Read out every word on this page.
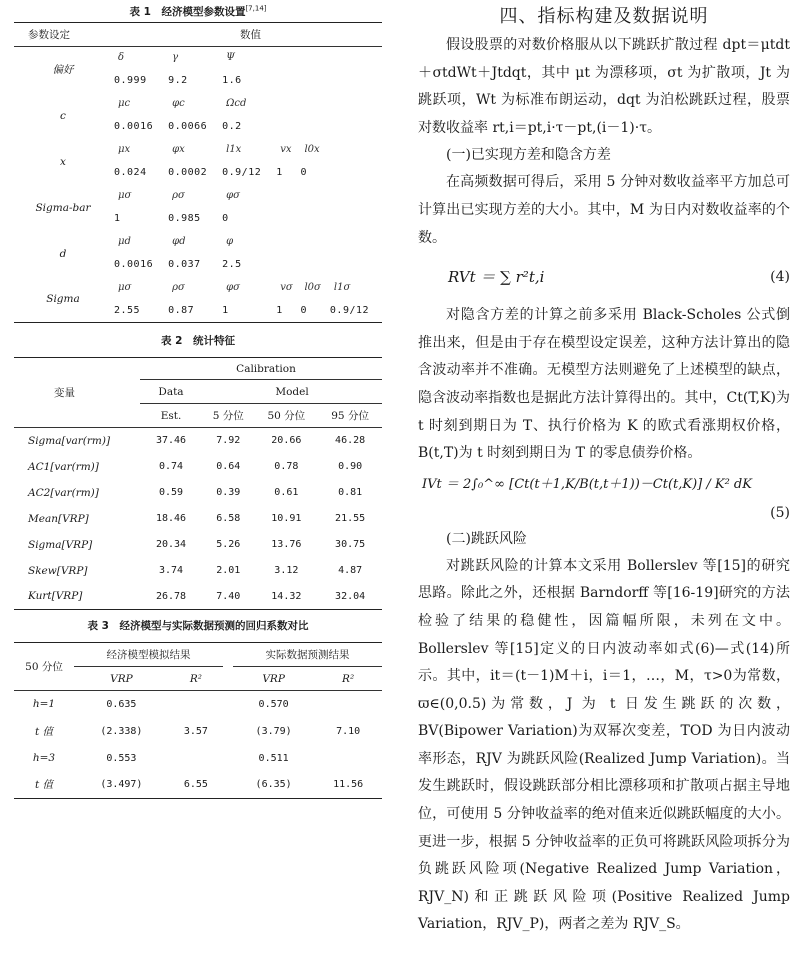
表 1　经济模型参数设置[7,14]
参数设定	数值					
偏好	δ	γ	Ψ			
	0.999	9.2	1.6			
c	μc	φc	Ωcd			
	0.0016	0.0066	0.2			
x	μx	φx	l1x	vx	l0x	
	0.024	0.0002	0.9/12	1	0	
Sigma-bar	μσ	ρσ	φσ			
	1	0.985	0			
d	μd	φd	φ			
	0.0016	0.037	2.5			
Sigma	μσ	ρσ	φσ	vσ	l0σ	l1σ
	2.55	0.87	1	1	0	0.9/12
表 2　统计特征
变量	Calibration			
	Data	Model		
	Est.	5 分位	50 分位	95 分位
Sigma[var(rm)]	37.46	7.92	20.66	46.28
AC1[var(rm)]	0.74	0.64	0.78	0.90
AC2[var(rm)]	0.59	0.39	0.61	0.81
Mean[VRP]	18.46	6.58	10.91	21.55
Sigma[VRP]	20.34	5.26	13.76	30.75
Skew[VRP]	3.74	2.01	3.12	4.87
Kurt[VRP]	26.78	7.40	14.32	32.04
表 3　经济模型与实际数据预测的回归系数对比
50 分位	经济模型模拟结果			实际数据预测结果	
	VRP	R²		VRP	R²
h=1	0.635			0.570	
t 值	(2.338)	3.57		(3.79)	7.10
h=3	0.553			0.511	
t 值	(3.497)	6.55		(6.35)	11.56
四、指标构建及数据说明

假设股票的对数价格服从以下跳跃扩散过程 dpt＝μtdt＋σtdWt＋Jtdqt，其中 μt 为漂移项，σt 为扩散项，Jt 为跳跃项，Wt 为标准布朗运动，dqt 为泊松跳跃过程，股票对数收益率 rt,i＝pt,i·τ－pt,(i－1)·τ。

(一)已实现方差和隐含方差

在高频数据可得后，采用 5 分钟对数收益率平方加总可计算出已实现方差的大小。其中，M 为日内对数收益率的个数。

RVt ＝ ∑ r²t,i	(4)

对隐含方差的计算之前多采用 Black-Scholes 公式倒推出来，但是由于存在模型设定误差，这种方法计算出的隐含波动率并不准确。无模型方法则避免了上述模型的缺点，隐含波动率指数也是据此方法计算得出的。其中，Ct(T,K)为 t 时刻到期日为 T、执行价格为 K 的欧式看涨期权价格，B(t,T)为 t 时刻到期日为 T 的零息债券价格。

IVt ＝ 2∫₀^∞ [Ct(t＋1,K/B(t,t＋1))－Ct(t,K)] / K² dK
(5)

(二)跳跃风险

对跳跃风险的计算本文采用 Bollerslev 等[15]的研究思路。除此之外，还根据 Barndorff 等[16-19]研究的方法检验了结果的稳健性，因篇幅所限，未列在文中。Bollerslev 等[15]定义的日内波动率如式(6)—式(14)所示。其中，it＝(t－1)M＋i，i＝1，…，M，τ>0为常数，ϖ∈(0,0.5)为常数，J 为 t 日发生跳跃的次数，BV(Bipower Variation)为双幂次变差，TOD 为日内波动率形态，RJV 为跳跃风险(Realized Jump Variation)。当发生跳跃时，假设跳跃部分相比漂移项和扩散项占据主导地位，可使用 5 分钟收益率的绝对值来近似跳跃幅度的大小。更进一步，根据 5 分钟收益率的正负可将跳跃风险项拆分为负跳跃风险项(Negative Realized Jump Variation，RJV_N)和正跳跃风险项(Positive Realized Jump Variation，RJV_P)，两者之差为 RJV_S。
